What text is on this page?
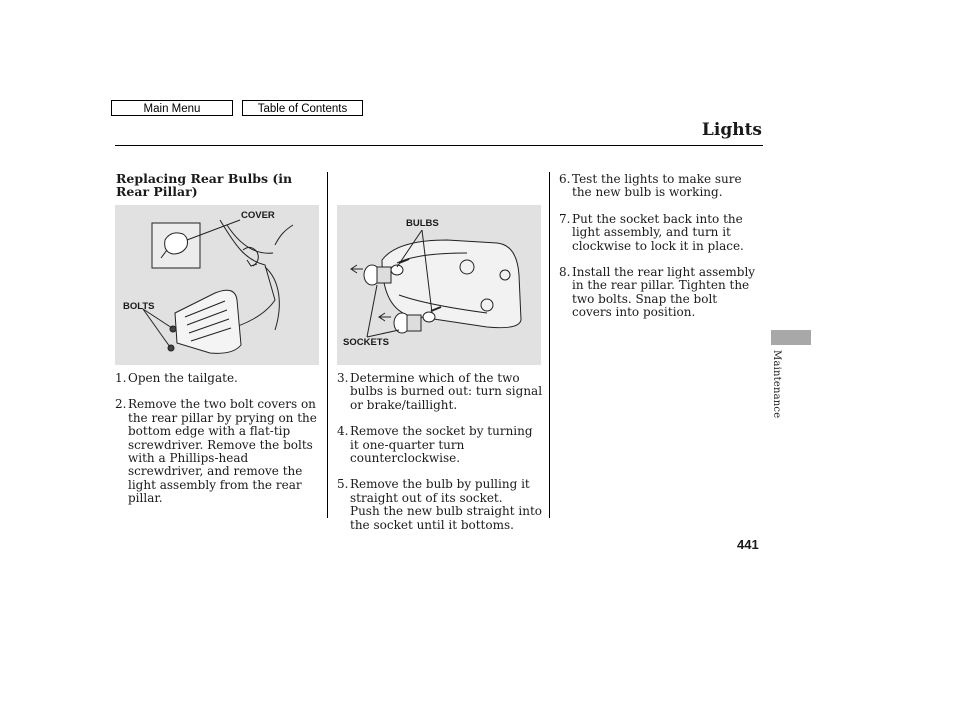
Main Menu	Table of Contents
Lights
Replacing Rear Bulbs (in Rear Pillar)
COVER
BOLTS
BULBS
SOCKETS
1. Open the tailgate.
2. Remove the two bolt covers on the rear pillar by prying on the bottom edge with a flat-tip screwdriver. Remove the bolts with a Phillips-head screwdriver, and remove the light assembly from the rear pillar.
3. Determine which of the two bulbs is burned out: turn signal or brake/taillight.
4. Remove the socket by turning it one-quarter turn counterclockwise.
5. Remove the bulb by pulling it straight out of its socket.
Push the new bulb straight into the socket until it bottoms.
6. Test the lights to make sure the new bulb is working.
7. Put the socket back into the light assembly, and turn it clockwise to lock it in place.
8. Install the rear light assembly in the rear pillar. Tighten the two bolts. Snap the bolt covers into position.
Maintenance
441
